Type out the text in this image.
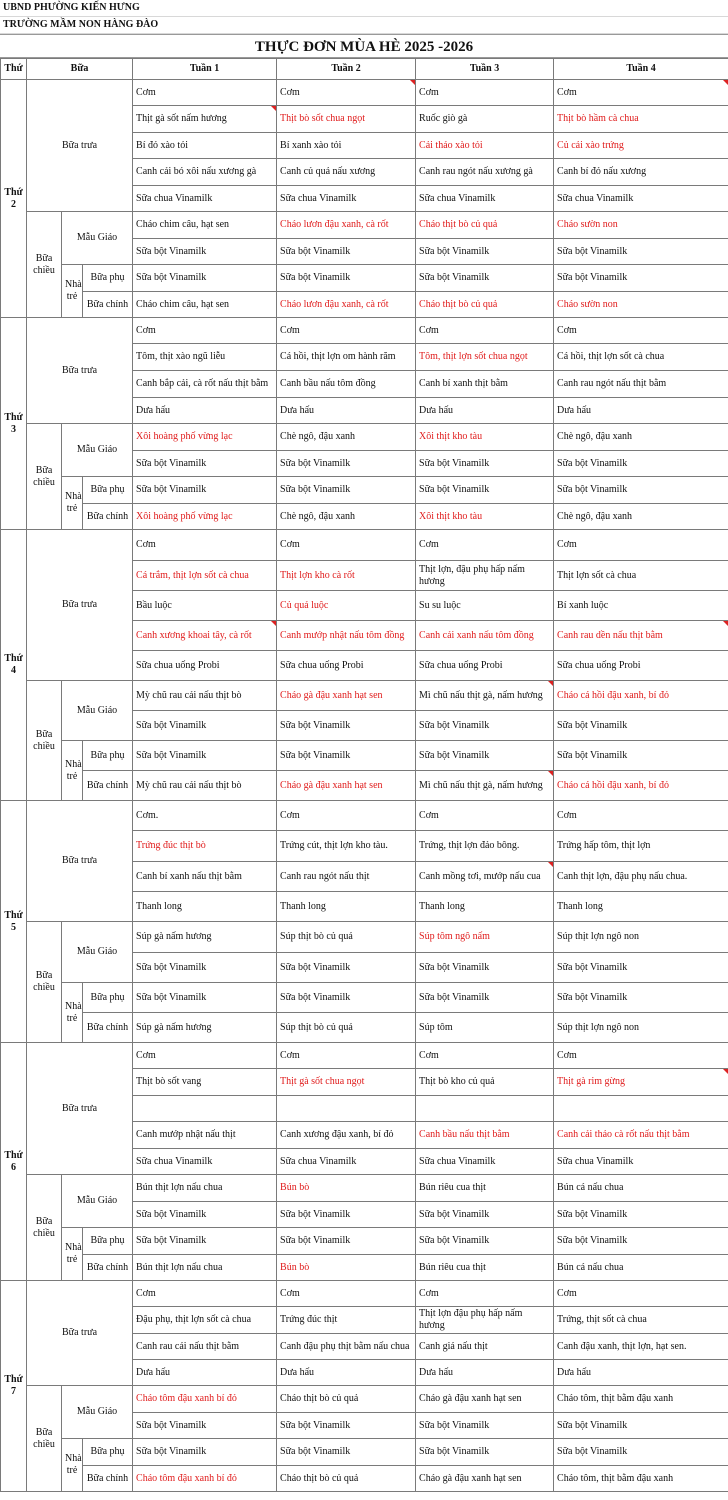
UBND PHƯỜNG KIẾN HƯNG
TRƯỜNG MẦM NON HÀNG ĐÀO
THỰC ĐƠN MÙA HÈ 2025 -2026
Thứ	Bữa			Tuần 1	Tuần 2	Tuần 3	Tuần 4
Thứ 2	Bữa trưa			Cơm	Cơm	Cơm	Cơm
				Thịt gà sốt nấm hương	Thịt bò sốt chua ngọt	Ruốc giò gà	Thịt bò hầm cà chua
				Bí đỏ xào tỏi	Bí xanh xào tỏi	Cải thảo xào tỏi	Củ cải xào trứng
				Canh cải bó xôi nấu xương gà	Canh củ quả nấu xương	Canh rau ngót nấu xương gà	Canh bí đỏ nấu xương
				Sữa chua Vinamilk	Sữa chua Vinamilk	Sữa chua Vinamilk	Sữa chua Vinamilk
	Bữa chiều	Mẫu Giáo		Cháo chim câu, hạt sen	Cháo lươn đậu xanh, cà rốt	Cháo thịt bò củ quả	Cháo sườn non
				Sữa bột Vinamilk	Sữa bột Vinamilk	Sữa bột Vinamilk	Sữa bột Vinamilk
		Nhà trẻ	Bữa phụ	Sữa bột Vinamilk	Sữa bột Vinamilk	Sữa bột Vinamilk	Sữa bột Vinamilk
			Bữa chính	Cháo chim câu, hạt sen	Cháo lươn đậu xanh, cà rốt	Cháo thịt bò củ quả	Cháo sườn non
Thứ 3	Bữa trưa			Cơm	Cơm	Cơm	Cơm
				Tôm, thịt xào ngũ liễu	Cá hồi, thịt lợn om hành răm	Tôm, thịt lợn sốt chua ngọt	Cá hồi, thịt lợn sốt cà chua
				Canh bắp cải, cà rốt nấu thịt bằm	Canh bầu nấu tôm đồng	Canh bí xanh thịt bằm	Canh rau ngót nấu thịt bằm
				Dưa hấu	Dưa hấu	Dưa hấu	Dưa hấu
	Bữa chiều	Mẫu Giáo		Xôi hoàng phố vừng lạc	Chè ngô, đậu xanh	Xôi thịt kho tàu	Chè ngô, đậu xanh
				Sữa bột Vinamilk	Sữa bột Vinamilk	Sữa bột Vinamilk	Sữa bột Vinamilk
		Nhà trẻ	Bữa phụ	Sữa bột Vinamilk	Sữa bột Vinamilk	Sữa bột Vinamilk	Sữa bột Vinamilk
			Bữa chính	Xôi hoàng phố vừng lạc	Chè ngô, đậu xanh	Xôi thịt kho tàu	Chè ngô, đậu xanh
Thứ 4	Bữa trưa			Cơm	Cơm	Cơm	Cơm
				Cá trắm, thịt lợn sốt cà chua	Thịt lợn kho cà rốt	Thịt lợn, đậu phụ hấp nấm hương	Thịt lợn sốt cà chua
				Bầu luộc	Củ quả luộc	Su su luộc	Bí xanh luộc
				Canh xương khoai tây, cà rốt	Canh mướp nhật nấu tôm đồng	Canh cải xanh nấu tôm đồng	Canh rau dền nấu thịt bằm
				Sữa chua uống Probi	Sữa chua uống Probi	Sữa chua uống Probi	Sữa chua uống Probi
	Bữa chiều	Mẫu Giáo		Mỳ chũ rau cải nấu thịt bò	Cháo gà đậu xanh hạt sen	Mì chũ nấu thịt gà, nấm hương	Cháo cá hồi đậu xanh, bí đỏ
				Sữa bột Vinamilk	Sữa bột Vinamilk	Sữa bột Vinamilk	Sữa bột Vinamilk
		Nhà trẻ	Bữa phụ	Sữa bột Vinamilk	Sữa bột Vinamilk	Sữa bột Vinamilk	Sữa bột Vinamilk
			Bữa chính	Mỳ chũ rau cải nấu thịt bò	Cháo gà đậu xanh hạt sen	Mì chũ nấu thịt gà, nấm hương	Cháo cá hồi đậu xanh, bí đỏ
Thứ 5	Bữa trưa			Cơm.	Cơm	Cơm	Cơm
				Trứng đúc thịt bò	Trứng cút, thịt lợn kho tàu.	Trứng, thịt lợn đảo bông.	Trứng hấp tôm, thịt lợn
				Canh bí xanh nấu thịt bằm	Canh rau ngót nấu thịt	Canh mồng tơi, mướp nấu cua	Canh thịt lợn, đậu phụ nấu chua.
				Thanh long	Thanh long	Thanh long	Thanh long
	Bữa chiều	Mẫu Giáo		Súp gà nấm hương	Súp thịt bò củ quả	Súp tôm ngô nấm	Súp thịt lợn ngô non
				Sữa bột Vinamilk	Sữa bột Vinamilk	Sữa bột Vinamilk	Sữa bột Vinamilk
		Nhà trẻ	Bữa phụ	Sữa bột Vinamilk	Sữa bột Vinamilk	Sữa bột Vinamilk	Sữa bột Vinamilk
			Bữa chính	Súp gà nấm hương	Súp thịt bò củ quả	Súp tôm	Súp thịt lợn ngô non
Thứ 6	Bữa trưa			Cơm	Cơm	Cơm	Cơm
				Thịt bò sốt vang	Thịt gà sốt chua ngọt	Thịt bò kho củ quả	Thịt gà rim gừng

				Canh mướp nhật nấu thịt	Canh xương đậu xanh, bí đỏ	Canh bầu nấu thịt bằm	Canh cải thảo cà rốt nấu thịt bằm
				Sữa chua Vinamilk	Sữa chua Vinamilk	Sữa chua Vinamilk	Sữa chua Vinamilk
	Bữa chiều	Mẫu Giáo		Bún thịt lợn nấu chua	Bún bò	Bún riêu cua thịt	Bún cá nấu chua
				Sữa bột Vinamilk	Sữa bột Vinamilk	Sữa bột Vinamilk	Sữa bột Vinamilk
		Nhà trẻ	Bữa phụ	Sữa bột Vinamilk	Sữa bột Vinamilk	Sữa bột Vinamilk	Sữa bột Vinamilk
			Bữa chính	Bún thịt lợn nấu chua	Bún bò	Bún riêu cua thịt	Bún cá nấu chua
Thứ 7	Bữa trưa			Cơm	Cơm	Cơm	Cơm
				Đậu phụ, thịt lợn sốt cà chua	Trứng đúc thịt	Thịt lợn đậu phụ hấp nấm hương	Trứng, thịt sốt cà chua
				Canh rau cải nấu thịt bằm	Canh đậu phụ thịt bằm nấu chua	Canh giá nấu thịt	Canh đậu xanh, thịt lợn, hạt sen.
				Dưa hấu	Dưa hấu	Dưa hấu	Dưa hấu
	Bữa chiều	Mẫu Giáo		Cháo tôm đậu xanh bí đỏ	Cháo thịt bò củ quả	Cháo gà đậu xanh hạt sen	Cháo tôm, thịt bằm đậu xanh
				Sữa bột Vinamilk	Sữa bột Vinamilk	Sữa bột Vinamilk	Sữa bột Vinamilk
		Nhà trẻ	Bữa phụ	Sữa bột Vinamilk	Sữa bột Vinamilk	Sữa bột Vinamilk	Sữa bột Vinamilk
			Bữa chính	Cháo tôm đậu xanh bí đỏ	Cháo thịt bò củ quả	Cháo gà đậu xanh hạt sen	Cháo tôm, thịt bằm đậu xanh
